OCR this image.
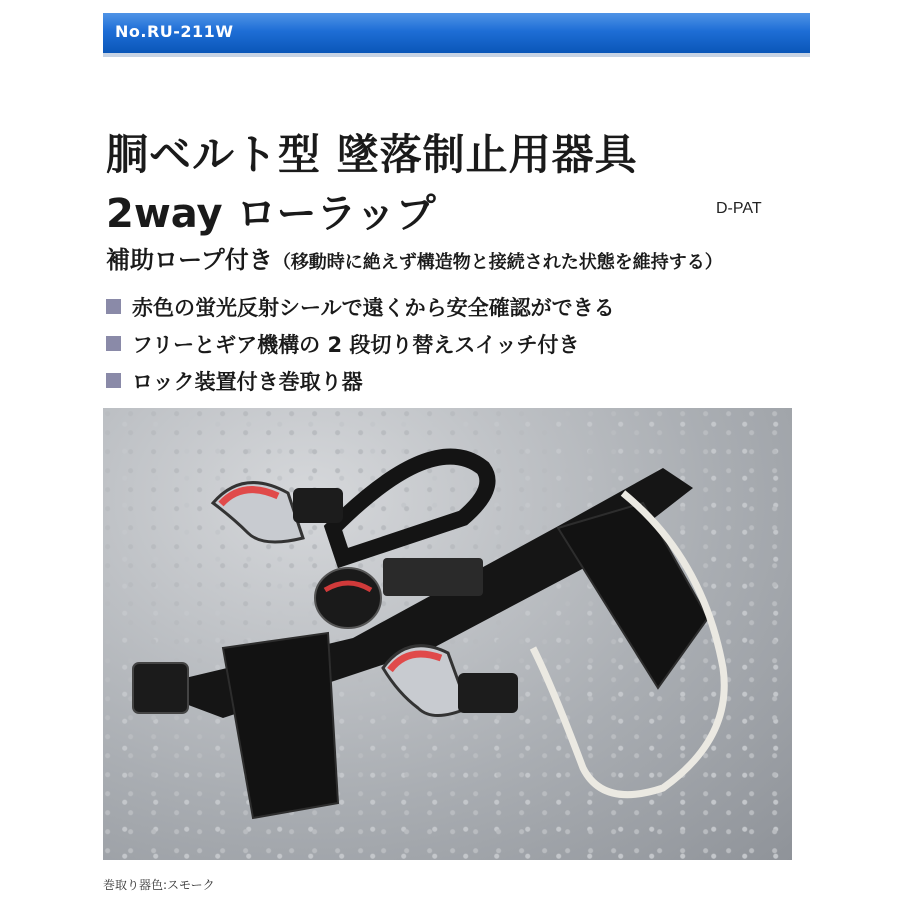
No.RU-211W
胴ベルト型 墜落制止用器具
2way ローラップ	D-PAT
補助ロープ付き（移動時に絶えず構造物と接続された状態を維持する）
赤色の蛍光反射シールで遠くから安全確認ができる
フリーとギア機構の 2 段切り替えスイッチ付き
ロック装置付き巻取り器
巻取り器色:スモーク
